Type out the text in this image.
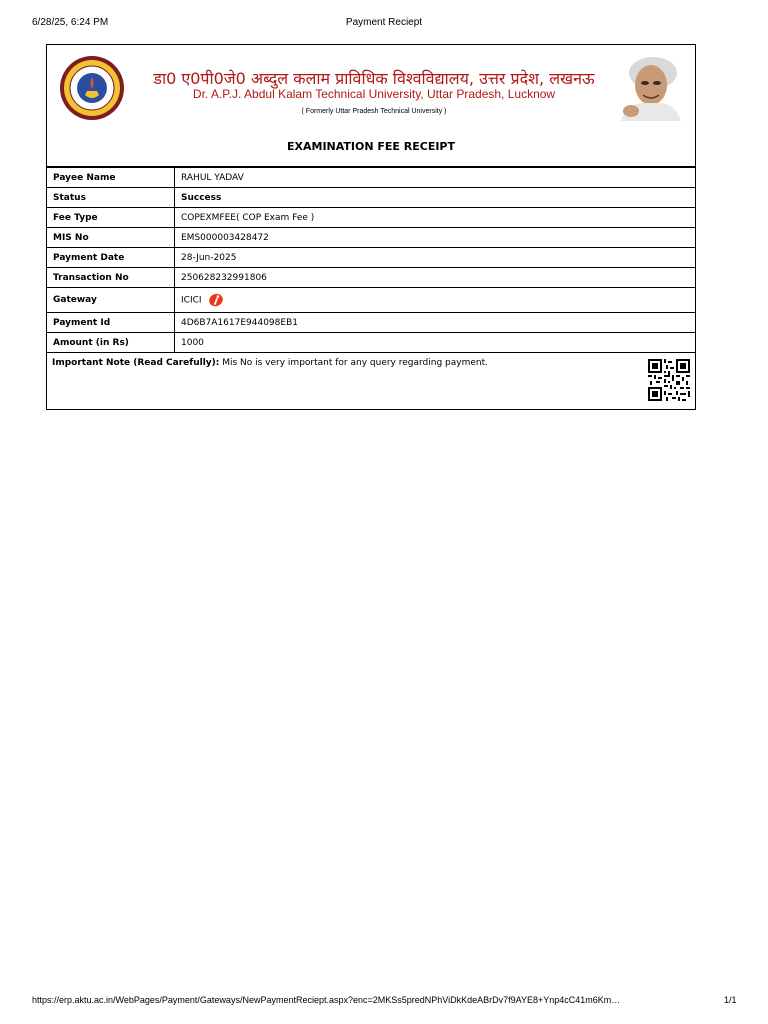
6/28/25, 6:24 PM	Payment Reciept
डा0 ए0पी0जे0 अब्दुल कलाम प्राविधिक विश्वविद्यालय, उत्तर प्रदेश, लखनऊ
Dr. A.P.J. Abdul Kalam Technical University, Uttar Pradesh, Lucknow
( Formerly Uttar Pradesh Technical University )
EXAMINATION FEE RECEIPT
Payee Name	RAHUL YADAV
Status	Success
Fee Type	COPEXMFEE( COP Exam Fee )
MIS No	EMS000003428472
Payment Date	28-Jun-2025
Transaction No	250628232991806
Gateway	ICICI
Payment Id	4D6B7A1617E944098EB1
Amount (in Rs)	1000
Important Note (Read Carefully): Mis No is very important for any query regarding payment.
https://erp.aktu.ac.in/WebPages/Payment/Gateways/NewPaymentReciept.aspx?enc=2MKSs5predNPhViDkKdeABrDv7f9AYE8+Ynp4cC41m6Km…	1/1
